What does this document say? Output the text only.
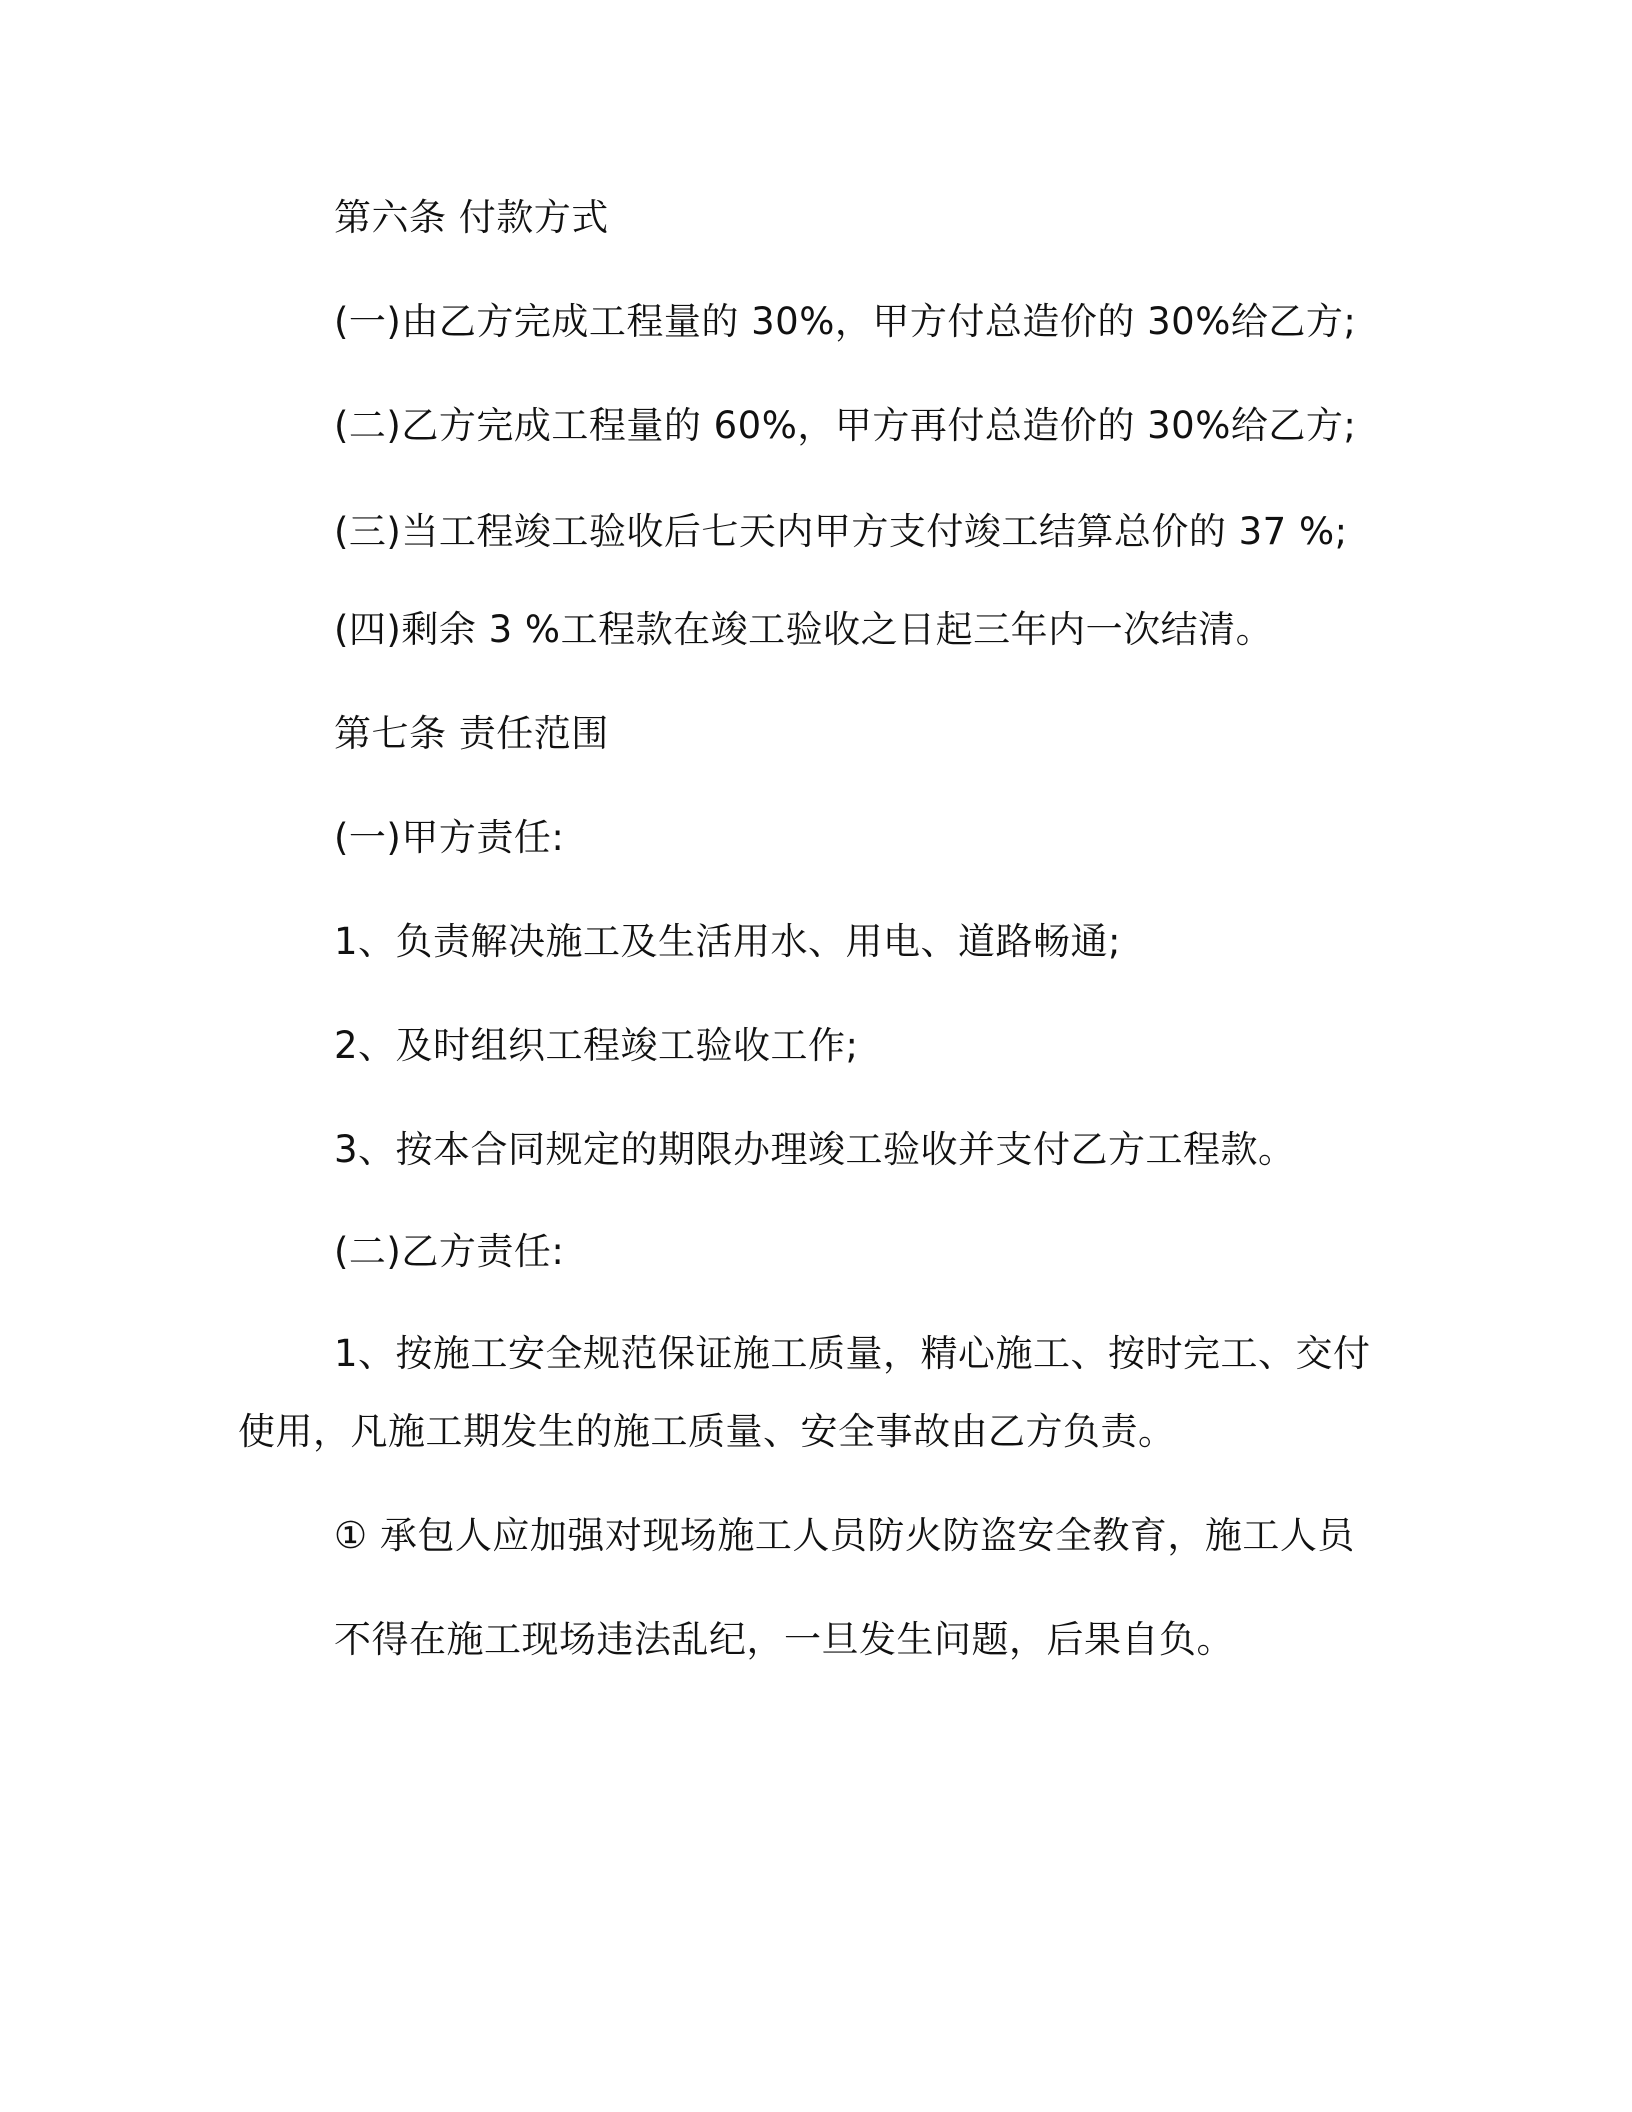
第六条 付款方式
(一)由乙方完成工程量的 30%，甲方付总造价的 30%给乙方;
(二)乙方完成工程量的 60%，甲方再付总造价的 30%给乙方;
(三)当工程竣工验收后七天内甲方支付竣工结算总价的 37 %;
(四)剩余 3 %工程款在竣工验收之日起三年内一次结清。
第七条 责任范围
(一)甲方责任:
1、负责解决施工及生活用水、用电、道路畅通;
2、及时组织工程竣工验收工作;
3、按本合同规定的期限办理竣工验收并支付乙方工程款。
(二)乙方责任:
1、按施工安全规范保证施工质量，精心施工、按时完工、交付
使用，凡施工期发生的施工质量、安全事故由乙方负责。
① 承包人应加强对现场施工人员防火防盗安全教育，施工人员
不得在施工现场违法乱纪，一旦发生问题，后果自负。
